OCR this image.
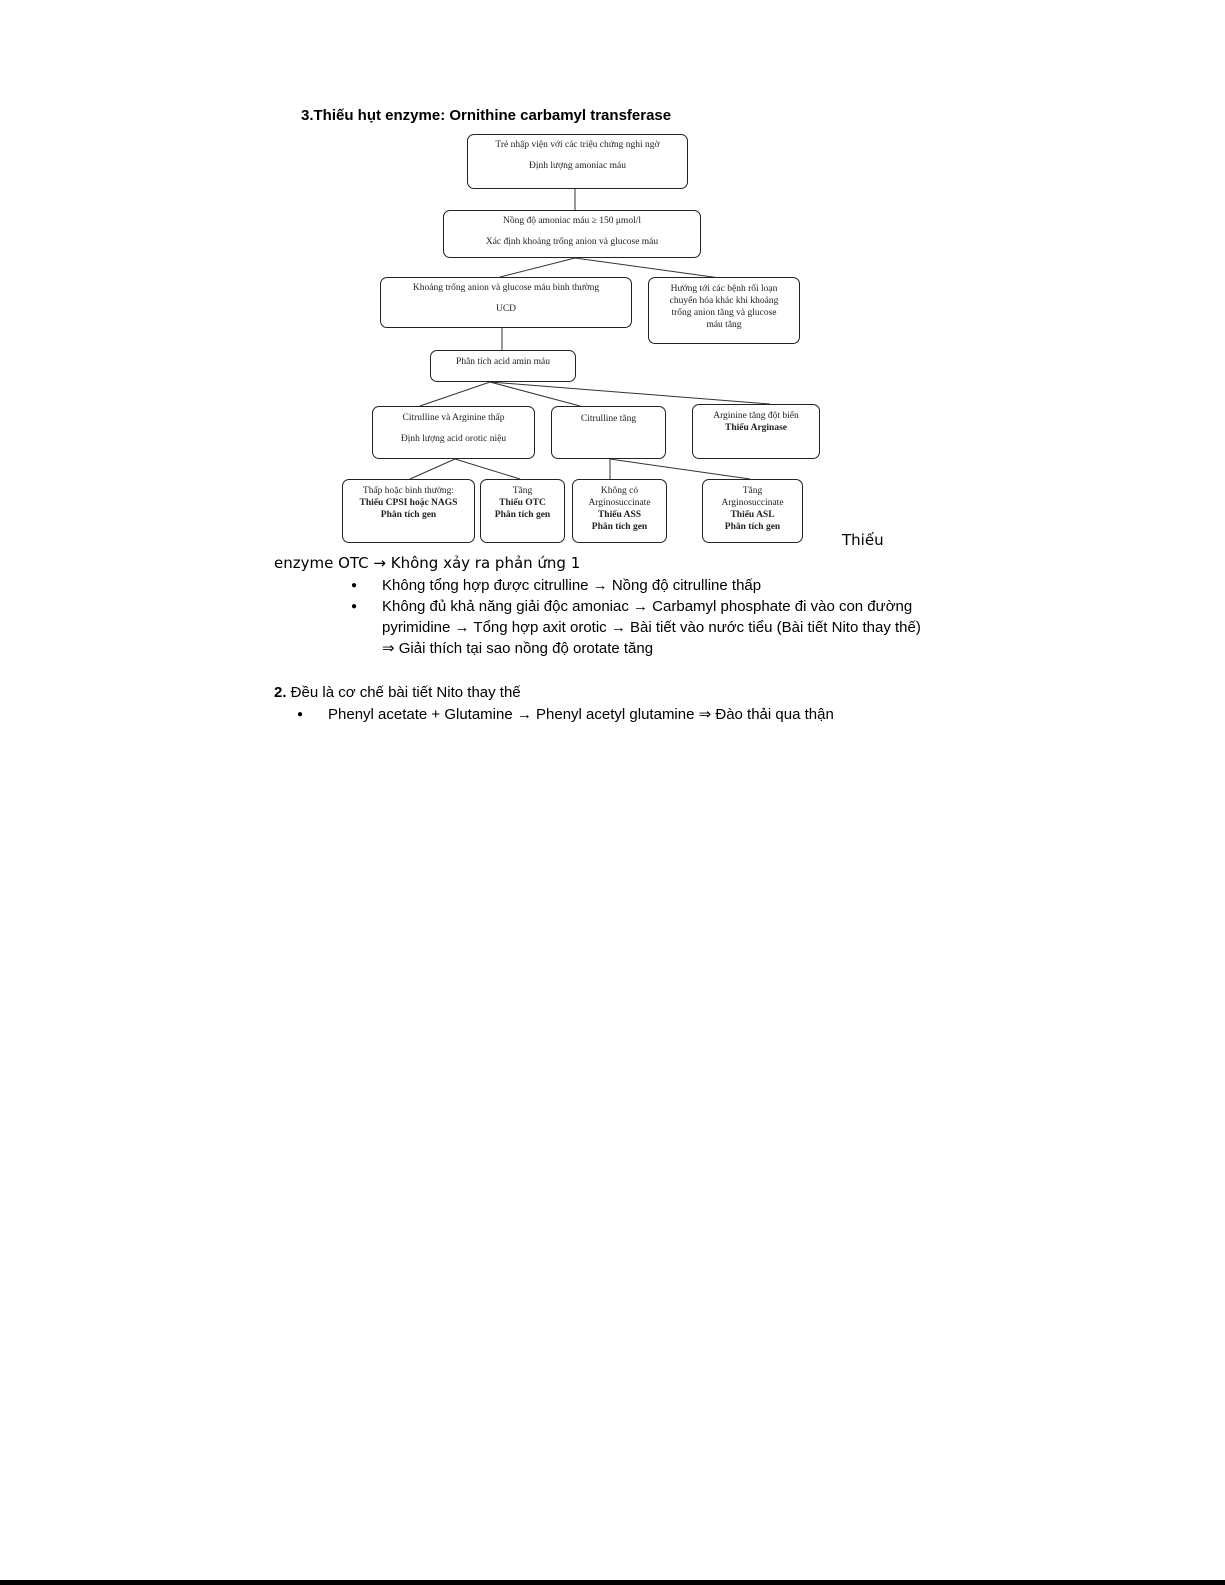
3.Thiếu hụt enzyme: Ornithine carbamyl transferase
Trẻ nhập viện với các triệu chứng nghi ngờ
Định lượng amoniac máu
Nồng độ amoniac máu ≥ 150 μmol/l
Xác định khoảng trống anion và glucose máu
Khoảng trống anion và glucose máu bình thường
UCD
Hướng tới các bệnh rối loạn
chuyển hóa khác khi khoảng
trống anion tăng và glucose
máu tăng
Phân tích acid amin máu
Citrulline và Arginine thấp
Định lượng acid orotic niệu
Citrulline tăng	Arginine tăng đột biến
Thiếu Arginase
Thấp hoặc bình thường:
Thiếu CPSI hoặc NAGS
Phân tích gen
Tăng
Thiếu OTC
Phân tích gen
Không có
Arginosuccinate
Thiếu ASS
Phân tích gen
Tăng
Arginosuccinate
Thiếu ASL
Phân tích gen
Thiếu
enzyme OTC → Không xảy ra phản ứng 1
● Không tổng hợp được citrulline → Nồng độ citrulline thấp
● Không đủ khả năng giải độc amoniac → Carbamyl phosphate đi vào con đường pyrimidine → Tổng hợp axit orotic → Bài tiết vào nước tiểu (Bài tiết Nito thay thế) ⇒ Giải thích tại sao nồng độ orotate tăng
2. Đều là cơ chế bài tiết Nito thay thế
● Phenyl acetate + Glutamine → Phenyl acetyl glutamine ⇒ Đào thải qua thận
